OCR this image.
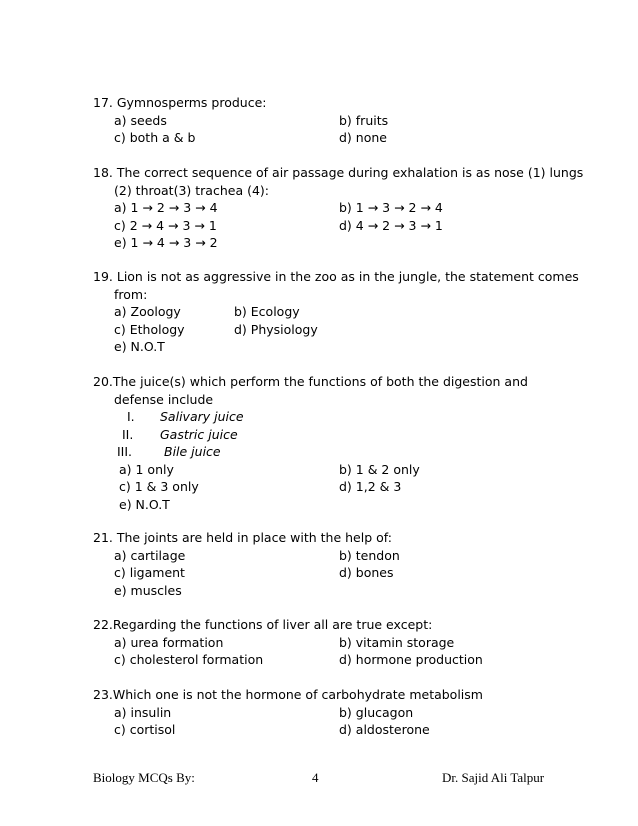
17. Gymnosperms produce:
a) seeds	b) fruits
c) both a & b	d) none
18. The correct sequence of air passage during exhalation is as nose (1) lungs
(2) throat(3) trachea (4):
a) 1 → 2 → 3 → 4	b) 1 → 3 → 2 → 4
c) 2 → 4 → 3 → 1	d) 4 → 2 → 3 → 1
e) 1 → 4 → 3 → 2
19. Lion is not as aggressive in the zoo as in the jungle, the statement comes
from:
a) Zoology	b) Ecology
c) Ethology	d) Physiology
e) N.O.T
20.The juice(s) which perform the functions of both the digestion and
defense include
I. Salivary juice
II. Gastric juice
III.	Bile juice
a) 1 only	b) 1 & 2 only
c) 1 & 3 only	d) 1,2 & 3
e) N.O.T
21. The joints are held in place with the help of:
a) cartilage	b) tendon
c) ligament	d) bones
e) muscles
22.Regarding the functions of liver all are true except:
a) urea formation	b) vitamin storage
c) cholesterol formation	d) hormone production
23.Which one is not the hormone of carbohydrate metabolism
a) insulin	b) glucagon
c) cortisol	d) aldosterone
Biology MCQs By:	4	Dr. Sajid Ali Talpur
